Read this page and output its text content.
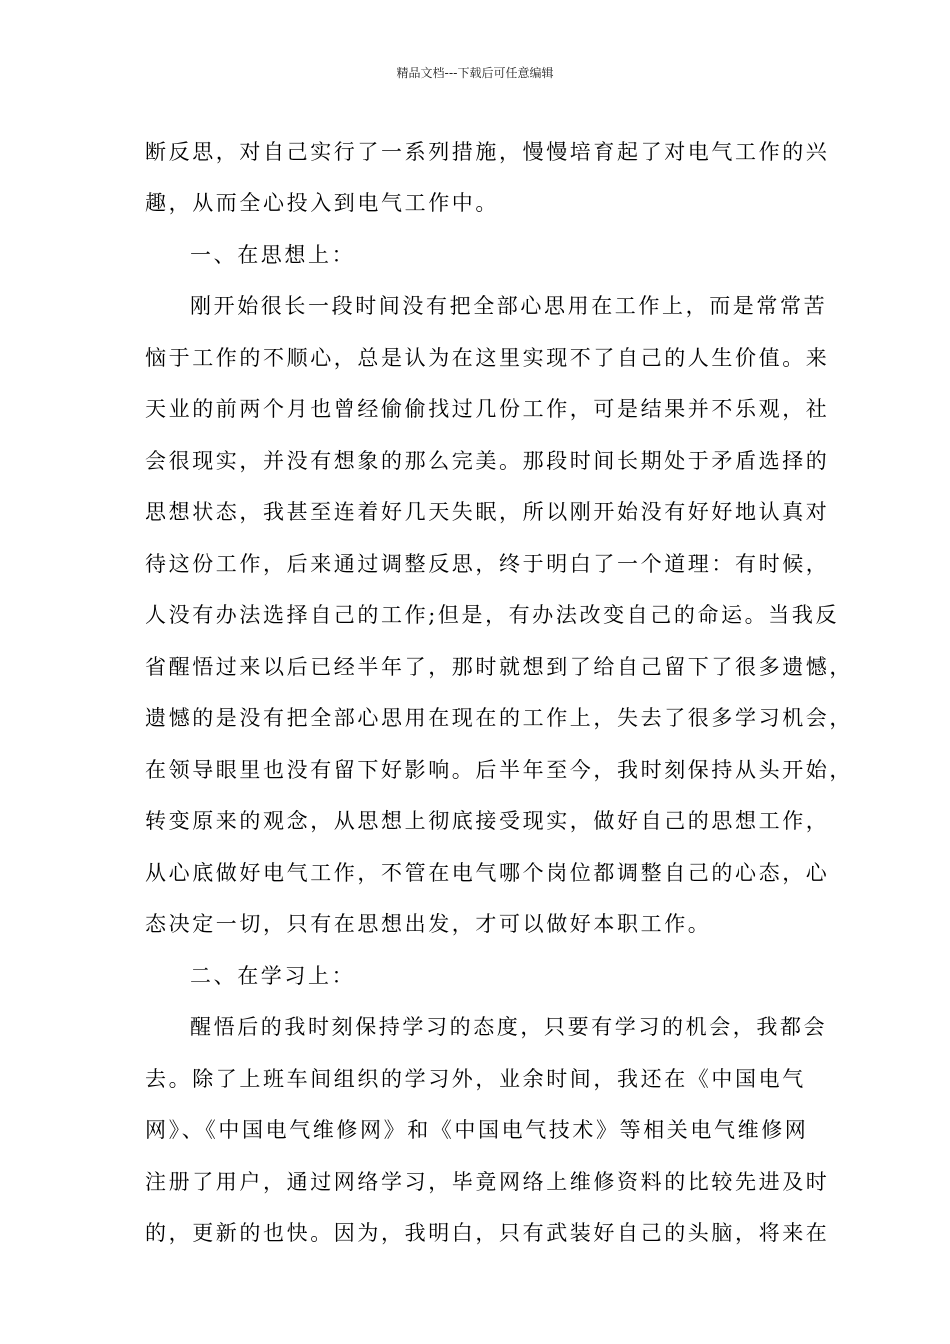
精品文档---下载后可任意编辑
断反思，对自己实行了一系列措施，慢慢培育起了对电气工作的兴
趣，从而全心投入到电气工作中。
一、在思想上：
刚开始很长一段时间没有把全部心思用在工作上，而是常常苦
恼于工作的不顺心，总是认为在这里实现不了自己的人生价值。来
天业的前两个月也曾经偷偷找过几份工作，可是结果并不乐观，社
会很现实，并没有想象的那么完美。那段时间长期处于矛盾选择的
思想状态，我甚至连着好几天失眠，所以刚开始没有好好地认真对
待这份工作，后来通过调整反思，终于明白了一个道理：有时候，
人没有办法选择自己的工作;但是，有办法改变自己的命运。当我反
省醒悟过来以后已经半年了，那时就想到了给自己留下了很多遗憾，
遗憾的是没有把全部心思用在现在的工作上，失去了很多学习机会，
在领导眼里也没有留下好影响。后半年至今，我时刻保持从头开始，
转变原来的观念，从思想上彻底接受现实，做好自己的思想工作，
从心底做好电气工作，不管在电气哪个岗位都调整自己的心态，心
态决定一切，只有在思想出发，才可以做好本职工作。
二、在学习上：
醒悟后的我时刻保持学习的态度，只要有学习的机会，我都会
去。除了上班车间组织的学习外，业余时间，我还在《中国电气
网》、《中国电气维修网》和《中国电气技术》等相关电气维修网
注册了用户，通过网络学习，毕竟网络上维修资料的比较先进及时
的，更新的也快。因为，我明白，只有武装好自己的头脑，将来在
